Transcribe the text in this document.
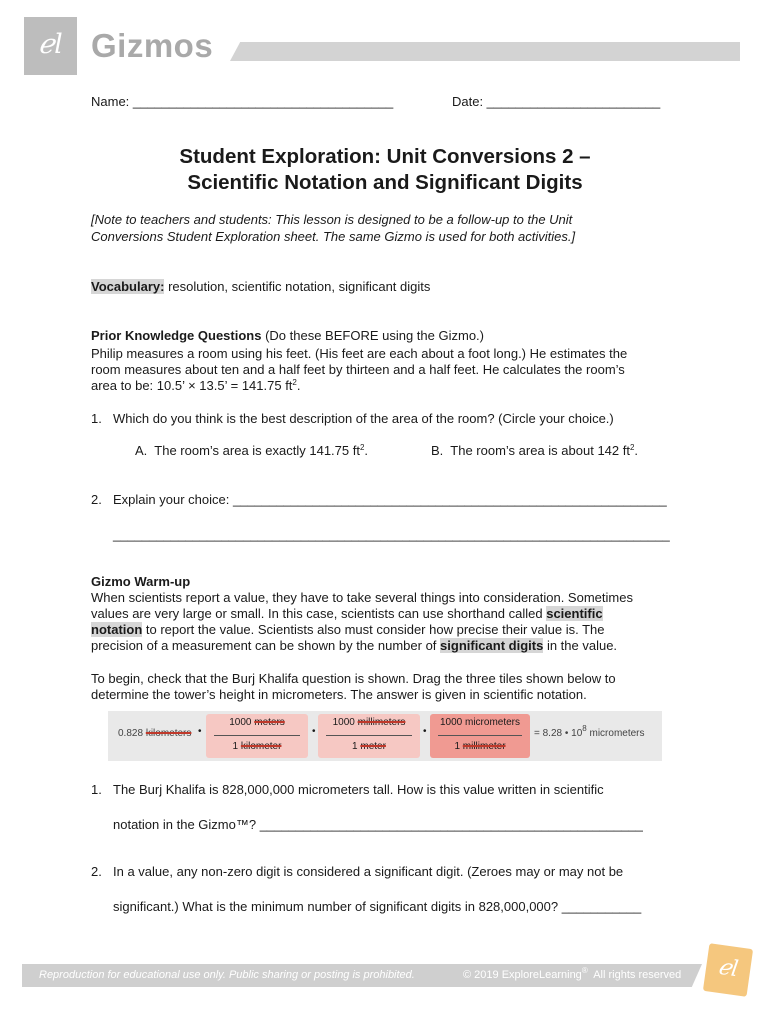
ℯl Gizmos
Name: ____________________________________	Date: ________________________
Student Exploration: Unit Conversions 2 –
Scientific Notation and Significant Digits
[Note to teachers and students: This lesson is designed to be a follow-up to the Unit
Conversions Student Exploration sheet. The same Gizmo is used for both activities.]
Vocabulary: resolution, scientific notation, significant digits
Prior Knowledge Questions (Do these BEFORE using the Gizmo.)
Philip measures a room using his feet. (His feet are each about a foot long.) He estimates the
room measures about ten and a half feet by thirteen and a half feet. He calculates the room’s
area to be: 10.5’ × 13.5’ = 141.75 $ft^2$.
1. Which do you think is the best description of the area of the room? (Circle your choice.)
A.  The room’s area is exactly 141.75 $ft^2$.	B.  The room’s area is about 142 $ft^2$.
2. Explain your choice: ____________________________________________________________
_____________________________________________________________________________
Gizmo Warm-up
When scientists report a value, they have to take several things into consideration. Sometimes
values are very large or small. In this case, scientists can use shorthand called scientific
notation to report the value. Scientists also must consider how precise their value is. The
precision of a measurement can be shown by the number of significant digits in the value.
To begin, check that the Burj Khalifa question is shown. Drag the three tiles shown below to
determine the tower’s height in micrometers. The answer is given in scientific notation.
0.828 kilometers •
1000 meters
1 kilometer
•
1000 millimeters
1 meter
•
1000 micrometers
1 millimeter
= 8.28 • $10^8$ micrometers
1. The Burj Khalifa is 828,000,000 micrometers tall. How is this value written in scientific
notation in the Gizmo™? _____________________________________________________
2. In a value, any non-zero digit is considered a significant digit. (Zeroes may or may not be
significant.) What is the minimum number of significant digits in 828,000,000? ___________
Reproduction for educational use only. Public sharing or posting is prohibited.	© 2019 ExploreLearning®  All rights reserved	ℯl
